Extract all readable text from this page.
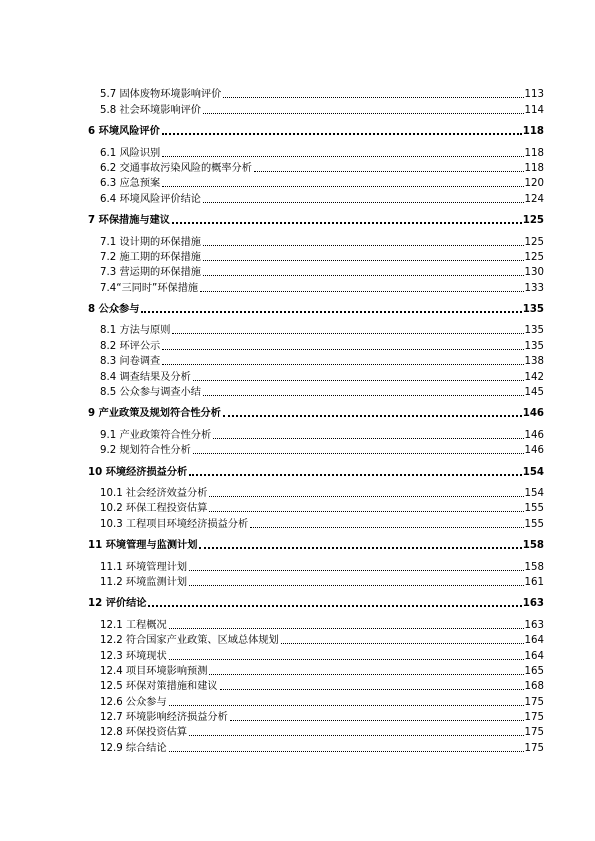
5.7 固体废物环境影响评价	113
5.8 社会环境影响评价	114
6 环境风险评价	118
6.1 风险识别	118
6.2 交通事故污染风险的概率分析	118
6.3 应急预案	120
6.4 环境风险评价结论	124
7 环保措施与建议	125
7.1 设计期的环保措施	125
7.2 施工期的环保措施	125
7.3 营运期的环保措施	130
7.4“三同时”环保措施	133
8 公众参与	135
8.1 方法与原则	135
8.2 环评公示	135
8.3 问卷调查	138
8.4 调查结果及分析	142
8.5 公众参与调查小结	145
9 产业政策及规划符合性分析	146
9.1 产业政策符合性分析	146
9.2 规划符合性分析	146
10 环境经济损益分析	154
10.1 社会经济效益分析	154
10.2 环保工程投资估算	155
10.3 工程项目环境经济损益分析	155
11 环境管理与监测计划	158
11.1 环境管理计划	158
11.2 环境监测计划	161
12 评价结论	163
12.1 工程概况	163
12.2 符合国家产业政策、区域总体规划	164
12.3 环境现状	164
12.4 项目环境影响预测	165
12.5 环保对策措施和建议	168
12.6 公众参与	175
12.7 环境影响经济损益分析	175
12.8 环保投资估算	175
12.9 综合结论	175
